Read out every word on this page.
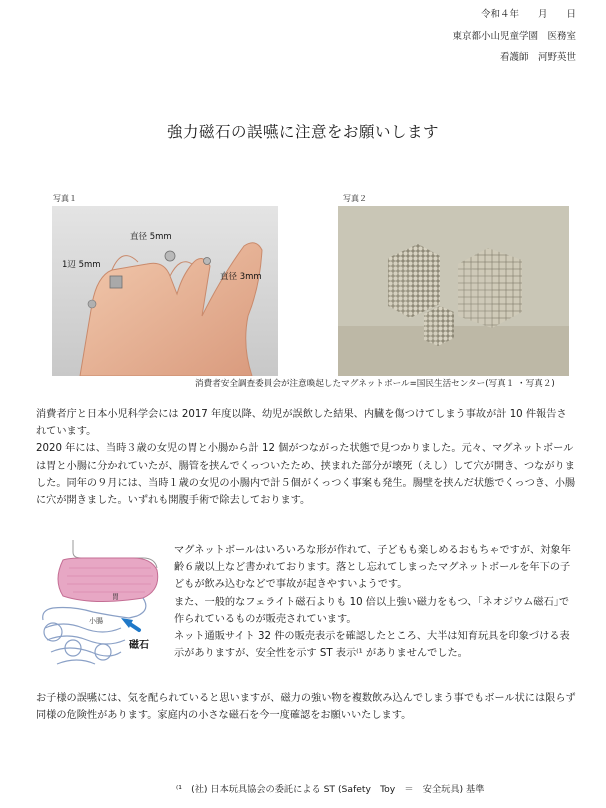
令和４年　　月　　日
東京都小山児童学園　医務室
看護師　河野英世
強力磁石の誤嚥に注意をお願いします
写真１
直径 5mm
1辺 5mm
直径 3mm
写真２
消費者安全調査委員会が注意喚起したマグネットボール=国民生活センター(写真１ ・写真２)

消費者庁と日本小児科学会には 2017 年度以降、幼児が誤飲した結果、内臓を傷つけてしまう事故が計 10 件報告されています。

2020 年には、当時３歳の女児の胃と小腸から計 12 個がつながった状態で見つかりました。元々、マグネットボールは胃と小腸に分かれていたが、腸管を挟んでくっついたため、挟まれた部分が壊死（えし）して穴が開き、つながりました。同年の９月には、当時１歳の女児の小腸内で計５個がくっつく事案も発生。腸壁を挟んだ状態でくっつき、小腸に穴が開きました。いずれも開腹手術で除去しております。

胃
小腸
磁石

マグネットボールはいろいろな形が作れて、子どもも楽しめるおもちゃですが、対象年齢６歳以上など書かれております。落とし忘れてしまったマグネットボールを年下の子どもが飲み込むなどで事故が起きやすいようです。

また、一般的なフェライト磁石よりも 10 倍以上強い磁力をもつ、｢ネオジウム磁石｣で作られているものが販売されています。

ネット通販サイト 32 件の販売表示を確認したところ、大半は知育玩具を印象づける表示がありますが、安全性を示す ST 表示⁽¹ がありませんでした。

お子様の誤嚥には、気を配られていると思いますが、磁力の強い物を複数飲み込んでしまう事でもボール状には限らず同様の危険性があります。家庭内の小さな磁石を今一度確認をお願いいたします。

⁽¹　(社) 日本玩具協会の委託による ST (Safety　Toy　＝　安全玩具) 基準
